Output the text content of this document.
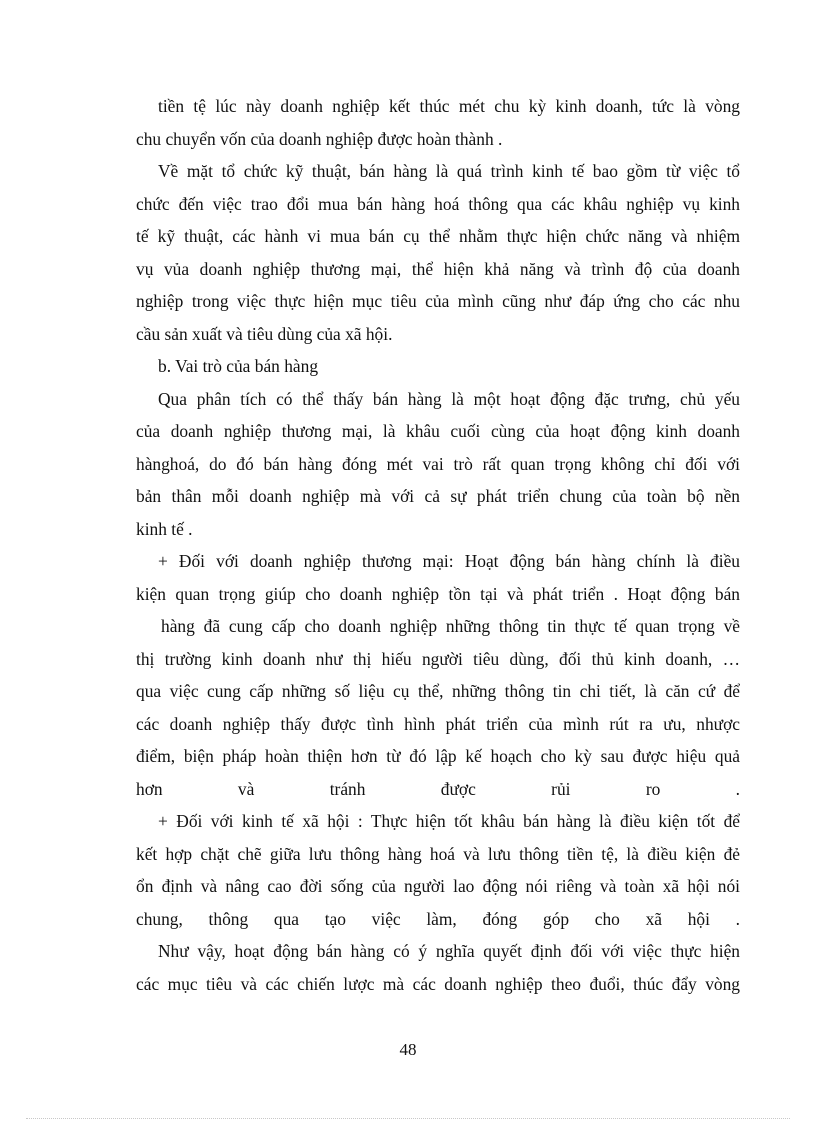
tiền tệ lúc này doanh nghiệp kết thúc mét chu kỳ kinh doanh, tức là vòng
chu chuyển vốn của doanh nghiệp được hoàn thành .
Về mặt tổ chức kỹ thuật, bán hàng là quá trình kinh tế bao gồm từ việc tổ
chức đến việc trao đổi mua bán hàng hoá thông qua các khâu nghiệp vụ kinh
tế kỹ thuật, các hành vi mua bán cụ thể nhằm thực hiện chức năng và nhiệm
vụ vủa doanh nghiệp thương mại, thể hiện khả năng và trình độ của doanh
nghiệp trong việc thực hiện mục tiêu của mình cũng như đáp ứng cho các nhu
cầu sản xuất và tiêu dùng của xã hội.
b. Vai trò của bán hàng
Qua phân tích có thể thấy bán hàng là một hoạt động đặc trưng, chủ yếu
của doanh nghiệp thương mại, là khâu cuối cùng của hoạt động kinh doanh
hànghoá, do đó bán hàng đóng mét vai trò rất quan trọng không chỉ đối với
bản thân mỗi doanh nghiệp mà với cả sự phát triển chung của toàn bộ nền
kinh tế .
+ Đối với doanh nghiệp thương mại: Hoạt động bán hàng chính là điều
kiện quan trọng giúp cho doanh nghiệp tồn tại và phát triển . Hoạt động bán
hàng đã cung cấp cho doanh nghiệp những thông tin thực tế quan trọng về
thị trường kinh doanh như thị hiếu người tiêu dùng, đối thủ kinh doanh, …
qua việc cung cấp những số liệu cụ thể, những thông tin chi tiết, là căn cứ để
các doanh nghiệp thấy được tình hình phát triển của mình rút ra ưu, nhược
điểm, biện pháp hoàn thiện hơn từ đó lập kế hoạch cho kỳ sau được hiệu quả
hơn và tránh được rủi ro .
+ Đối với kinh tế xã hội : Thực hiện tốt khâu bán hàng là điều kiện tốt để
kết hợp chặt chẽ giữa lưu thông hàng hoá và lưu thông tiền tệ, là điều kiện đẻ
ổn định và nâng cao đời sống của người lao động nói riêng và toàn xã hội nói
chung, thông qua tạo việc làm, đóng góp cho xã hội .
Như vậy, hoạt động bán hàng có ý nghĩa quyết định đối với việc thực hiện
các mục tiêu và các chiến lược mà các doanh nghiệp theo đuổi, thúc đẩy vòng
48
